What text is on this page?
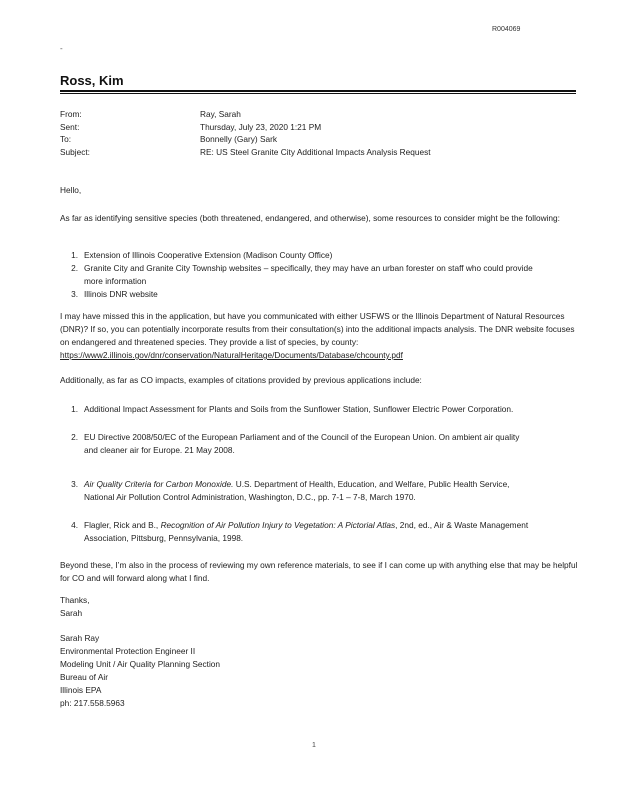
R004069
-
Ross, Kim
From:	Ray, Sarah
Sent:	Thursday, July 23, 2020 1:21 PM
To:	Bonnelly (Gary) Sark
Subject:	RE: US Steel Granite City Additional Impacts Analysis Request
Hello,
As far as identifying sensitive species (both threatened, endangered, and otherwise), some resources to consider might be the following:
1. Extension of Illinois Cooperative Extension (Madison County Office)
2. Granite City and Granite City Township websites – specifically, they may have an urban forester on staff who could provide more information
3. Illinois DNR website
I may have missed this in the application, but have you communicated with either USFWS or the Illinois Department of Natural Resources (DNR)? If so, you can potentially incorporate results from their consultation(s) into the additional impacts analysis. The DNR website focuses on endangered and threatened species. They provide a list of species, by county: https://www2.illinois.gov/dnr/conservation/NaturalHeritage/Documents/Database/chcounty.pdf
Additionally, as far as CO impacts, examples of citations provided by previous applications include:
1. Additional Impact Assessment for Plants and Soils from the Sunflower Station, Sunflower Electric Power Corporation.
2. EU Directive 2008/50/EC of the European Parliament and of the Council of the European Union. On ambient air quality and cleaner air for Europe. 21 May 2008.
3. Air Quality Criteria for Carbon Monoxide. U.S. Department of Health, Education, and Welfare, Public Health Service, National Air Pollution Control Administration, Washington, D.C., pp. 7-1 – 7-8, March 1970.
4. Flagler, Rick and B., Recognition of Air Pollution Injury to Vegetation: A Pictorial Atlas, 2nd, ed., Air & Waste Management Association, Pittsburg, Pennsylvania, 1998.
Beyond these, I’m also in the process of reviewing my own reference materials, to see if I can come up with anything else that may be helpful for CO and will forward along what I find.

Thanks,

Sarah

Sarah Ray

Environmental Protection Engineer II

Modeling Unit / Air Quality Planning Section

Bureau of Air

Illinois EPA

ph: 217.558.5963

1
